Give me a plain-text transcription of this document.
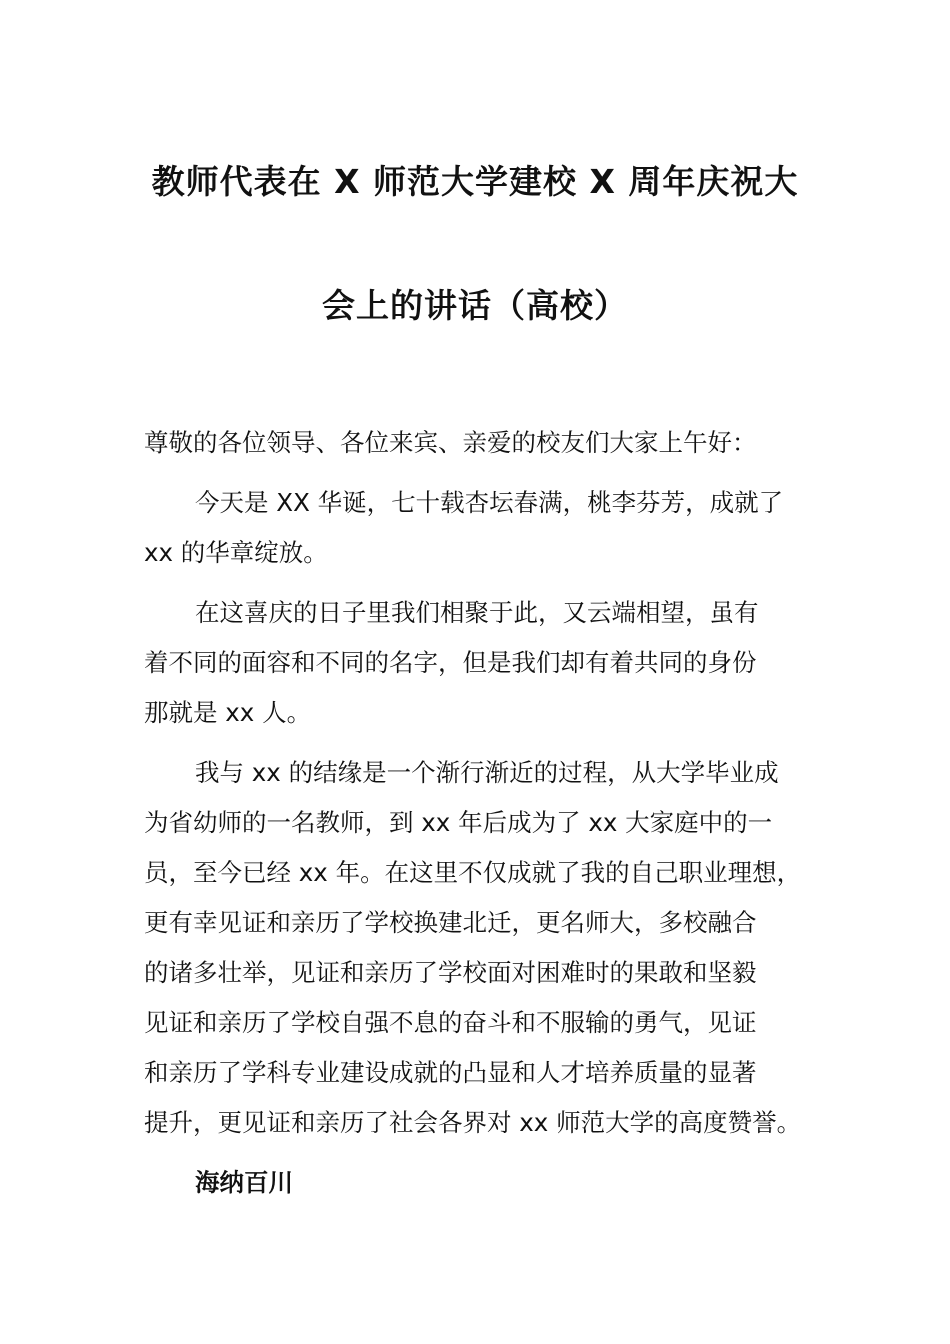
教师代表在 X 师范大学建校 X 周年庆祝大
会上的讲话（高校）
尊敬的各位领导、各位来宾、亲爱的校友们大家上午好：
今天是 XX 华诞，七十载杏坛春满，桃李芬芳，成就了
xx 的华章绽放。
在这喜庆的日子里我们相聚于此，又云端相望，虽有
着不同的面容和不同的名字，但是我们却有着共同的身份
那就是 xx 人。
我与 xx 的结缘是一个渐行渐近的过程，从大学毕业成
为省幼师的一名教师，到 xx 年后成为了 xx 大家庭中的一
员，至今已经 xx 年。在这里不仅成就了我的自己职业理想，
更有幸见证和亲历了学校换建北迁，更名师大，多校融合
的诸多壮举，见证和亲历了学校面对困难时的果敢和坚毅
见证和亲历了学校自强不息的奋斗和不服输的勇气，见证
和亲历了学科专业建设成就的凸显和人才培养质量的显著
提升，更见证和亲历了社会各界对 xx 师范大学的高度赞誉。
海纳百川
